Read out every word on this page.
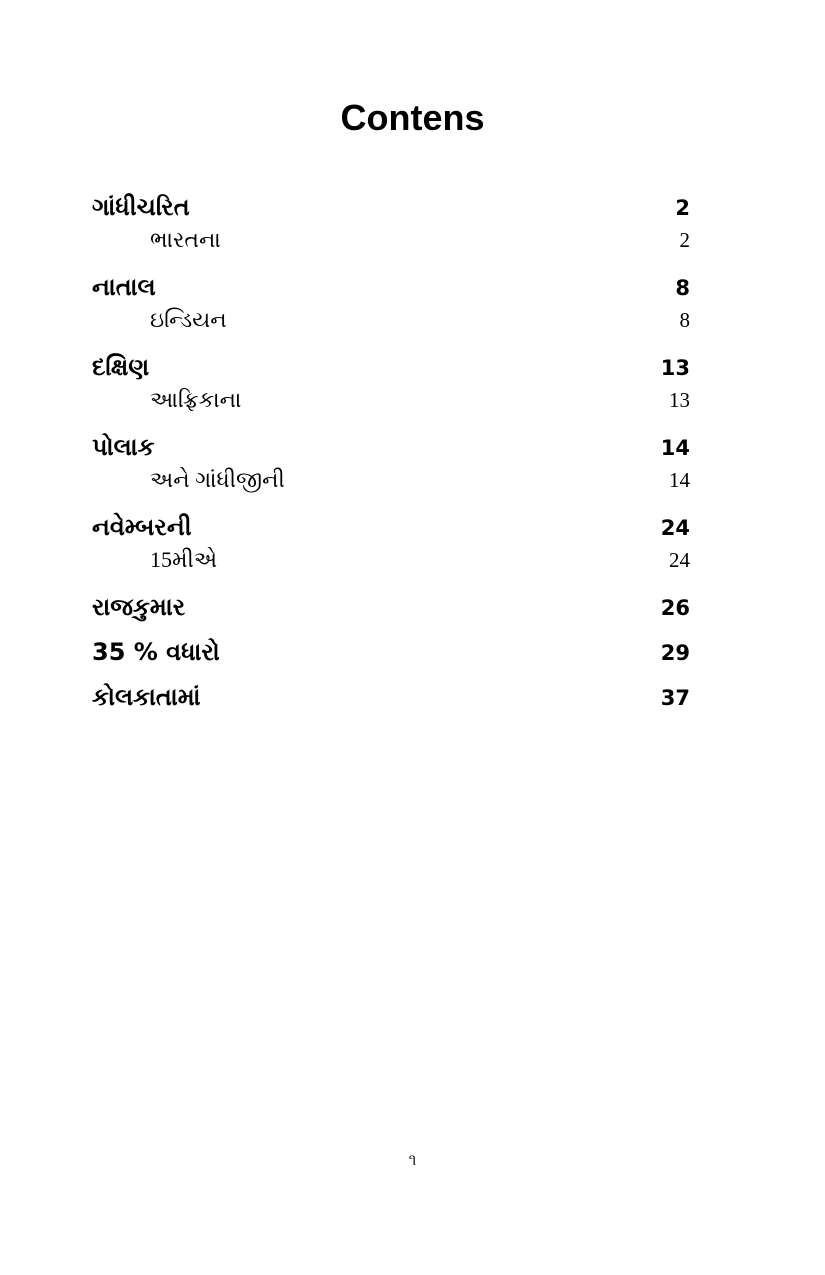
Contens
ગાંધીચરિત	2
ભારતના	2
નાતાલ	8
ઇન્ડિયન	8
દક્ષિણ	13
આફ્રિકાના	13
પોલાક	14
અને ગાંધીજીની	14
નવેમ્બરની	24
15મીએ	24
રાજકુમાર	26
35 % વધારો	29
કોલકાતામાં	37
૧
